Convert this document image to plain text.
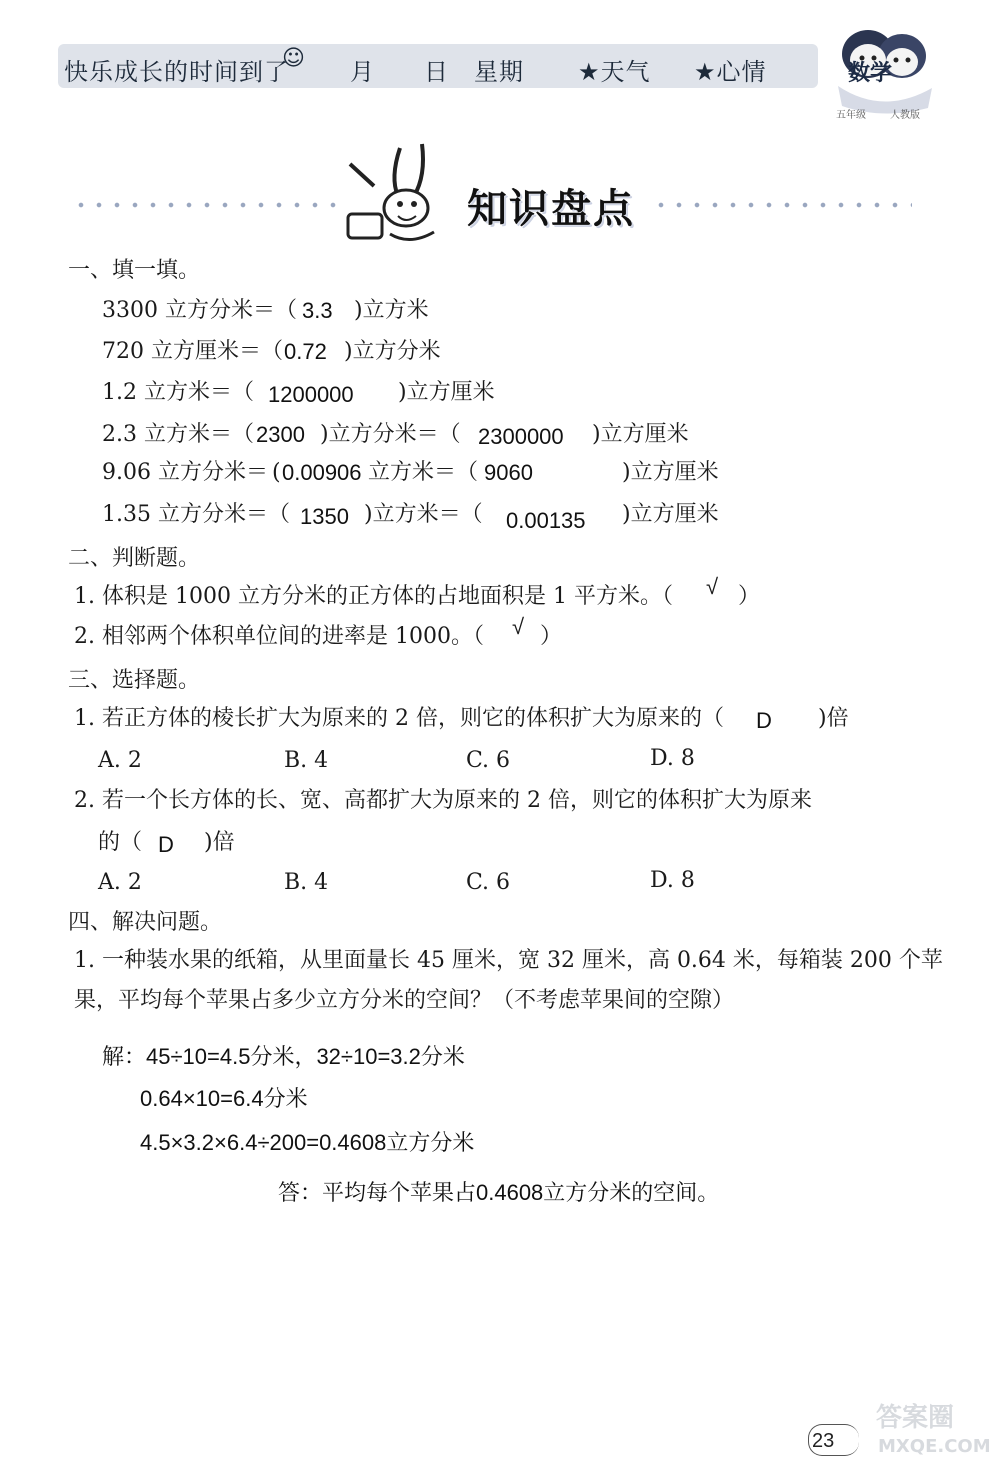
快乐成长的时间到了
☺ 月 日 星期 ★天气 ★心情	数学
五年级 人教版
知识盘点
一、填一填。
3300 立方分米＝（ 3.3 )立方米
720 立方厘米＝（ 0.72 )立方分米
1.2 立方米＝（ 1200000 )立方厘米
2.3 立方米＝（ 2300 )立方分米＝（ 2300000 )立方厘米
9.06 立方分米＝ ( 0.00906 立方米＝（ 9060	)立方厘米
1.35 立方分米＝（ 1350 )立方米＝（ 0.00135 )立方厘米
二、判断题。
1. 体积是 1000 立方分米的正方体的占地面积是 1 平方米。（ √ ）
2. 相邻两个体积单位间的进率是 1000。（ √ ）
三、选择题。
1. 若正方体的棱长扩大为原来的 2 倍，则它的体积扩大为原来的（ D )倍
A. 2	B. 4	C. 6	D. 8
2. 若一个长方体的长、宽、高都扩大为原来的 2 倍，则它的体积扩大为原来
的（ D )倍
A. 2	B. 4	C. 6	D. 8
四、解决问题。
1. 一种装水果的纸箱，从里面量长 45 厘米，宽 32 厘米，高 0.64 米，每箱装 200 个苹
果，平均每个苹果占多少立方分米的空间？（不考虑苹果间的空隙）
解：45÷10=4.5分米，32÷10=3.2分米
0.64×10=6.4分米
4.5×3.2×6.4÷200=0.4608立方分米
答：平均每个苹果占0.4608立方分米的空间。
23
答案圈 MXQE.COM
